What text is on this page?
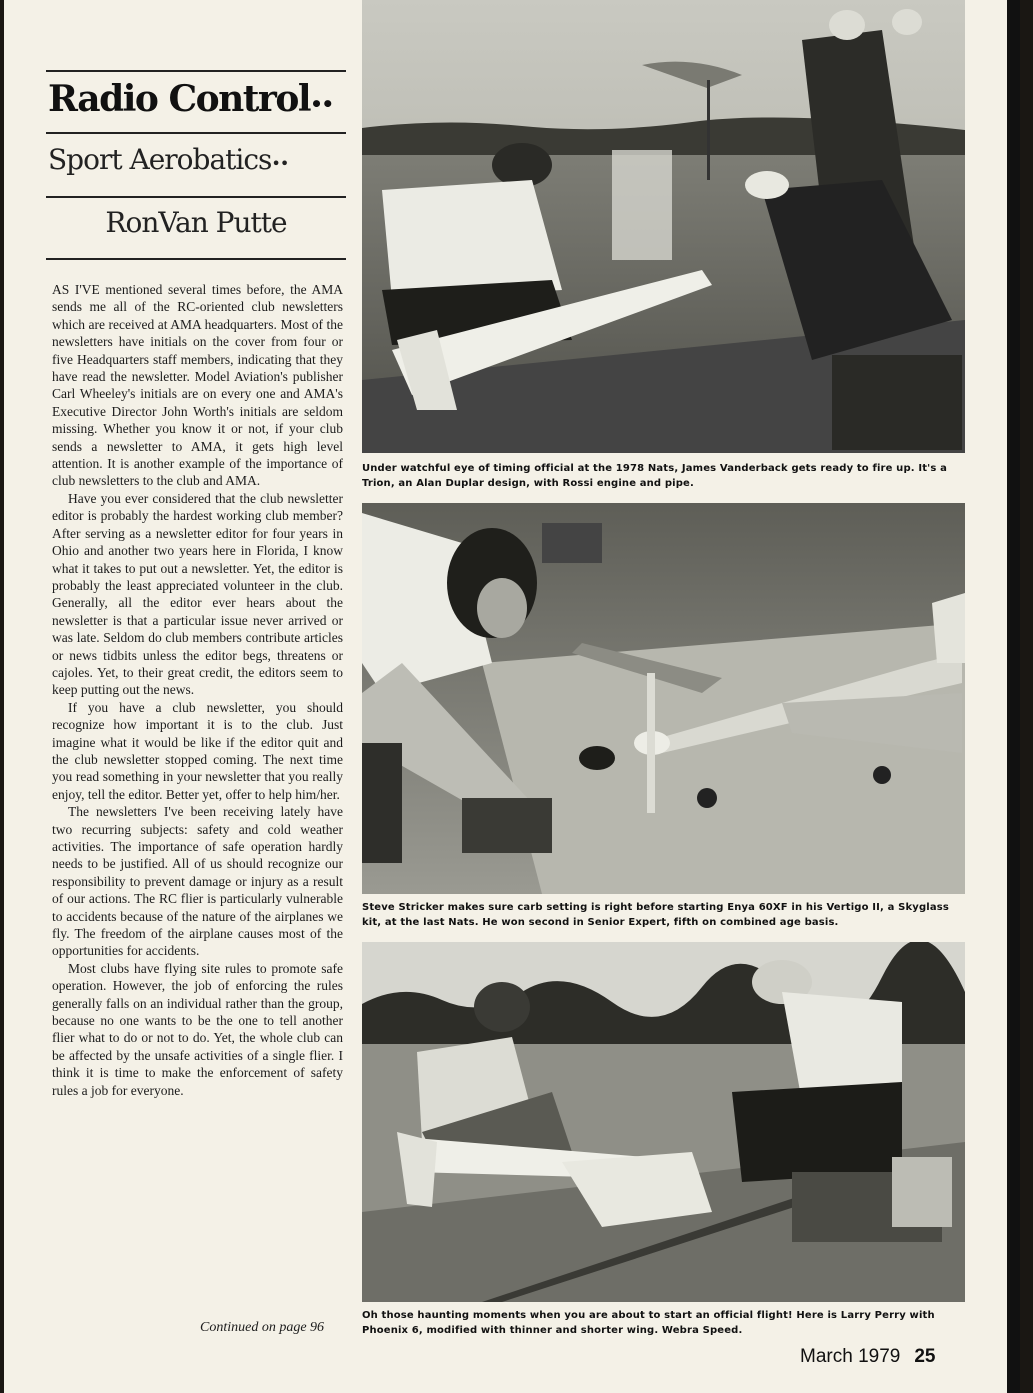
Radio Control••
Sport Aerobatics••
RonVan Putte

AS I'VE mentioned several times before, the AMA sends me all of the RC-oriented club newsletters which are received at AMA headquarters. Most of the newsletters have initials on the cover from four or five Headquarters staff members, indicating that they have read the newsletter. Model Aviation's publisher Carl Wheeley's initials are on every one and AMA's Executive Director John Worth's initials are seldom missing. Whether you know it or not, if your club sends a newsletter to AMA, it gets high level attention. It is another example of the importance of club newsletters to the club and AMA.

Have you ever considered that the club newsletter editor is probably the hardest working club member? After serving as a newsletter editor for four years in Ohio and another two years here in Florida, I know what it takes to put out a newsletter. Yet, the editor is probably the least appreciated volunteer in the club. Generally, all the editor ever hears about the newsletter is that a particular issue never arrived or was late. Seldom do club members contribute articles or news tidbits unless the editor begs, threatens or cajoles. Yet, to their great credit, the editors seem to keep putting out the news.

If you have a club newsletter, you should recognize how important it is to the club. Just imagine what it would be like if the editor quit and the club newsletter stopped coming. The next time you read something in your newsletter that you really enjoy, tell the editor. Better yet, offer to help him/her.

The newsletters I've been receiving lately have two recurring subjects: safety and cold weather activities. The importance of safe operation hardly needs to be justified. All of us should recognize our responsibility to prevent damage or injury as a result of our actions. The RC flier is particularly vulnerable to accidents because of the nature of the airplanes we fly. The freedom of the airplane causes most of the opportunities for accidents.

Most clubs have flying site rules to promote safe operation. However, the job of enforcing the rules generally falls on an individual rather than the group, because no one wants to be the one to tell another flier what to do or not to do. Yet, the whole club can be affected by the unsafe activities of a single flier. I think it is time to make the enforcement of safety rules a job for everyone.

Continued on page 96
Under watchful eye of timing official at the 1978 Nats, James Vanderback gets ready to fire up. It's a Trion, an Alan Duplar design, with Rossi engine and pipe.
Steve Stricker makes sure carb setting is right before starting Enya 60XF in his Vertigo II, a Skyglass kit, at the last Nats. He won second in Senior Expert, fifth on combined age basis.
Oh those haunting moments when you are about to start an official flight! Here is Larry Perry with Phoenix 6, modified with thinner and shorter wing. Webra Speed.
March 1979 25
